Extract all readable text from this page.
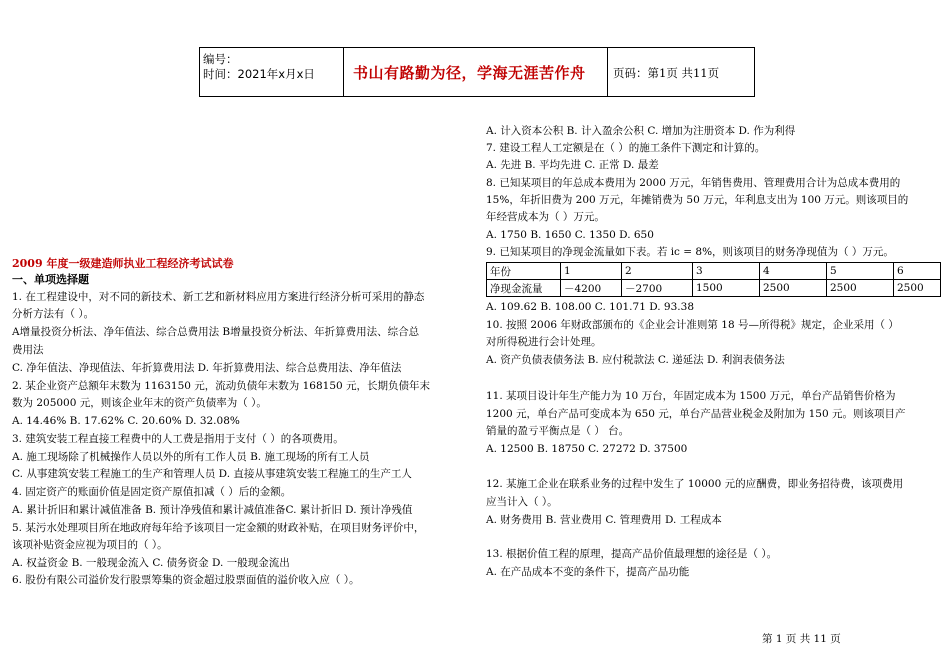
编号：
时间：2021年x月x日	书山有路勤为径，学海无涯苦作舟 页码：第1页 共11页
2009 年度一级建造师执业工程经济考试试卷
一、单项选择题
1. 在工程建设中，对不同的新技术、新工艺和新材料应用方案进行经济分析可采用的静态
分析方法有（ ）。
A增量投资分析法、净年值法、综合总费用法 B增量投资分析法、年折算费用法、综合总
费用法
C. 净年值法、净现值法、年折算费用法 D. 年折算费用法、综合总费用法、净年值法
2. 某企业资产总额年末数为 1163150 元，流动负债年末数为 168150 元，长期负债年末
数为 205000 元，则该企业年末的资产负债率为（ ）。
A. 14.46% B. 17.62% C. 20.60% D. 32.08%
3. 建筑安装工程直接工程费中的人工费是指用于支付（ ）的各项费用。
A. 施工现场除了机械操作人员以外的所有工作人员 B. 施工现场的所有工人员
C. 从事建筑安装工程施工的生产和管理人员 D. 直接从事建筑安装工程施工的生产工人
4. 固定资产的账面价值是固定资产原值扣减（ ）后的金额。
A. 累计折旧和累计减值准备 B. 预计净残值和累计减值准备C. 累计折旧 D. 预计净残值
5. 某污水处理项目所在地政府每年给予该项目一定金额的财政补贴，在项目财务评价中，
该项补贴资金应视为项目的（ ）。
A. 权益资金 B. 一般现金流入 C. 债务资金 D. 一般现金流出
6. 股份有限公司溢价发行股票筹集的资金超过股票面值的溢价收入应（ ）。
A. 计入资本公积 B. 计入盈余公积 C. 增加为注册资本 D. 作为利得
7. 建设工程人工定额是在（ ）的施工条件下测定和计算的。
A. 先进 B. 平均先进 C. 正常 D. 最差
8. 已知某项目的年总成本费用为 2000 万元，年销售费用、管理费用合计为总成本费用的
15%，年折旧费为 200 万元，年摊销费为 50 万元，年利息支出为 100 万元。则该项目的
年经营成本为（ ）万元。
A. 1750 B. 1650 C. 1350 D. 650
9. 已知某项目的净现金流量如下表。若 ic = 8%，则该项目的财务净现值为（ ）万元。
年份	1	2	3	4	5	6
净现金流量	－4200	－2700	1500	2500	2500	2500
A. 109.62 B. 108.00 C. 101.71 D. 93.38
10. 按照 2006 年财政部颁布的《企业会计准则第 18 号—所得税》规定，企业采用（ ）
对所得税进行会计处理。
A. 资产负债表债务法 B. 应付税款法 C. 递延法 D. 利润表债务法
11. 某项目设计年生产能力为 10 万台，年固定成本为 1500 万元，单台产品销售价格为
1200 元，单台产品可变成本为 650 元，单台产品营业税金及附加为 150 元。则该项目产
销量的盈亏平衡点是（ ） 台。
A. 12500 B. 18750 C. 27272 D. 37500
12. 某施工企业在联系业务的过程中发生了 10000 元的应酬费，即业务招待费，该项费用
应当计入（ ）。
A. 财务费用 B. 营业费用 C. 管理费用 D. 工程成本
13. 根据价值工程的原理，提高产品价值最理想的途径是（ ）。
A. 在产品成本不变的条件下，提高产品功能
第 1 页 共 11 页
